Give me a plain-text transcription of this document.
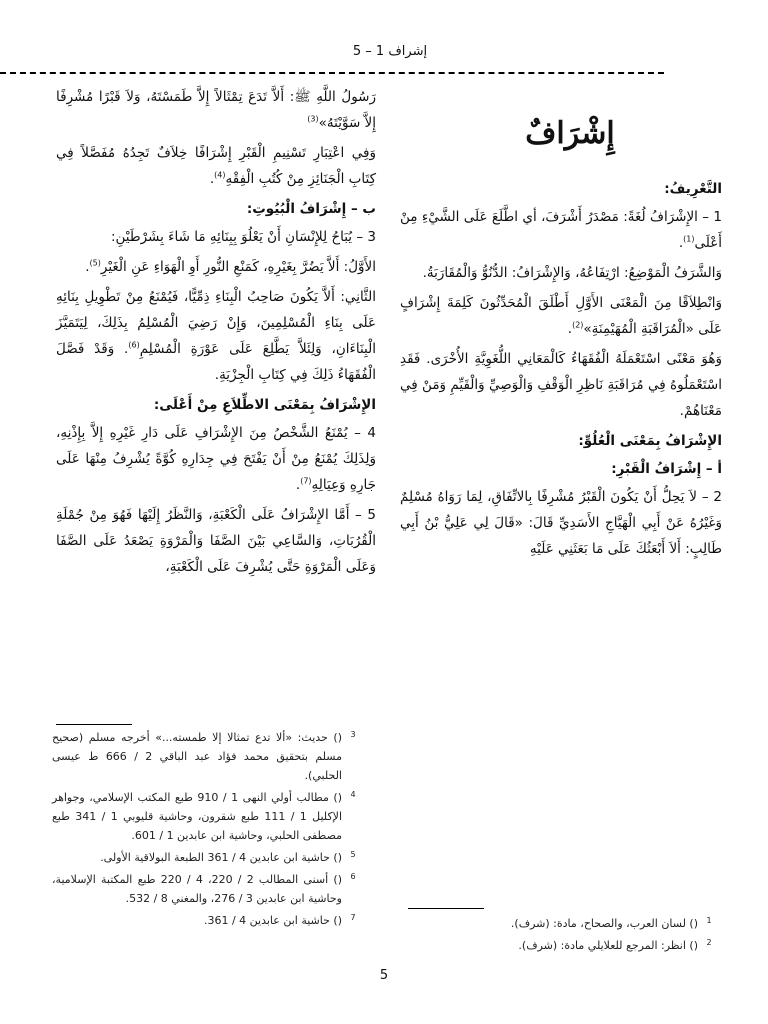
إشراف 1 – 5
إِشْرَافٌ

التَّعْرِيفُ:

1 – الإِشْرَافُ لُغَةً: مَصْدَرُ أَشْرَفَ، أي اطَّلَعَ عَلَى الشَّيْءِ مِنْ أَعْلَى$^{(1)}$.

وَالشَّرَفُ الْمَوْضِعُ: ارْتِفَاعُهُ، وَالإِشْرَافُ: الدُّنُوُّ وَالْمُقَارَبَةُ.

وَانْطِلاَقًا مِنَ الْمَعْنَى الأَوَّلِ أَطْلَقَ الْمُحَدِّثُونَ كَلِمَةَ إِشْرَافٍ عَلَى «الْمُرَاقَبَةِ الْمُهَيْمِنَةِ»$^{(2)}$.

وَهُوَ مَعْنًى اسْتَعْمَلَهُ الْفُقَهَاءُ كَالْمَعَانِي اللُّغَوِيَّةِ الأُخْرَى. فَقَدِ اسْتَعْمَلُوهُ فِي مُرَاقَبَةِ نَاظِرِ الْوَقْفِ وَالْوَصِيِّ وَالْقَيِّمِ وَمَنْ فِي مَعْنَاهُمْ.

الإِشْرَافُ بِمَعْنَى الْعُلُوِّ:

أ – إِشْرَافُ الْقَبْرِ:

2 – لاَ يَحِلُّ أَنْ يَكُونَ الْقَبْرُ مُشْرِفًا بِالاتِّفَاقِ، لِمَا رَوَاهُ مُسْلِمٌ وَغَيْرُهُ عَنْ أَبِي الْهَيَّاجِ الأَسَدِيِّ قَالَ: «قَالَ لِي عَلِيُّ بْنُ أَبِي طَالِبٍ: أَلاَ أَبْعَثُكَ عَلَى مَا بَعَثَنِي عَلَيْهِ

رَسُولُ اللَّهِ ﷺ: أَلاَّ تَدَعَ تِمْثَالاً إِلاَّ طَمَسْتَهُ، وَلاَ قَبْرًا مُشْرِفًا إِلاَّ سَوَّيْتَهُ»$^{(3)}$

وَفِي اعْتِبَارِ تَسْنِيمِ الْقَبْرِ إِشْرَافًا خِلاَفٌ تَجِدُهُ مُفَصَّلاً فِي كِتَابِ الْجَنَائِزِ مِنْ كُتُبِ الْفِقْهِ$^{(4)}$.

ب – إِشْرَافُ الْبُيُوتِ:

3 – يُبَاحُ لِلإِنْسَانِ أَنْ يَعْلُوَ بِبِنَائِهِ مَا شَاءَ بِشَرْطَيْنِ:

الأَوَّلُ: أَلاَّ يَضُرَّ بِغَيْرِهِ، كَمَنْعِ النُّورِ أَوِ الْهَوَاءِ عَنِ الْغَيْرِ$^{(5)}$.

الثَّانِي: أَلاَّ يَكُونَ صَاحِبُ الْبِنَاءِ ذِمِّيًّا، فَيُمْنَعُ مِنْ تَطْوِيلِ بِنَائِهِ عَلَى بِنَاءِ الْمُسْلِمِينَ، وَإِنْ رَضِيَ الْمُسْلِمُ بِذَلِكَ، لِيَتَمَيَّزَ الْبِنَاءَانِ، وَلِئَلاَّ يَطَّلِعَ عَلَى عَوْرَةِ الْمُسْلِمِ$^{(6)}$. وَقَدْ فَصَّلَ الْفُقَهَاءُ ذَلِكَ فِي كِتَابِ الْجِزْيَةِ.

الإِشْرَافُ بِمَعْنَى الاطِّلاَعِ مِنْ أَعْلَى:

4 – يُمْنَعُ الشَّخْصُ مِنَ الإِشْرَافِ عَلَى دَارِ غَيْرِهِ إِلاَّ بِإِذْنِهِ، وَلِذَلِكَ يُمْنَعُ مِنْ أَنْ يَفْتَحَ فِي جِدَارِهِ كُوَّةً يُشْرِفُ مِنْهَا عَلَى جَارِهِ وَعِيَالِهِ$^{(7)}$.

5 – أَمَّا الإِشْرَافُ عَلَى الْكَعْبَةِ، وَالنَّظَرُ إِلَيْهَا فَهُوَ مِنْ جُمْلَةِ الْقُرُبَاتِ، وَالسَّاعِي بَيْنَ الصَّفَا وَالْمَرْوَةِ يَصْعَدُ عَلَى الصَّفَا وَعَلَى الْمَرْوَةِ حَتَّى يُشْرِفَ عَلَى الْكَعْبَةِ،

3
() حديث: «ألا تدع تمثالا إلا طمسته...» أخرجه مسلم (صحيح مسلم بتحقيق محمد فؤاد عبد الباقي 2 / 666 ط عيسى الحلبي).
4
() مطالب أولي النهى 1 / 910 طبع المكتب الإسلامي، وجواهر الإكليل 1 / 111 طبع شقرون، وحاشية قليوبي 1 / 341 طبع مصطفى الحلبي، وحاشية ابن عابدين 1 / 601.
5
() حاشية ابن عابدين 4 / 361 الطبعة البولاقية الأولى.
6
() أسنى المطالب 2 / 220، 4 / 220 طبع المكتبة الإسلامية، وحاشية ابن عابدين 3 / 276، والمغني 8 / 532.
7
() حاشية ابن عابدين 4 / 361.	1
() لسان العرب، والصحاح، مادة: (شرف).
2
() انظر: المرجع للعلايلي مادة: (شرف).
5
